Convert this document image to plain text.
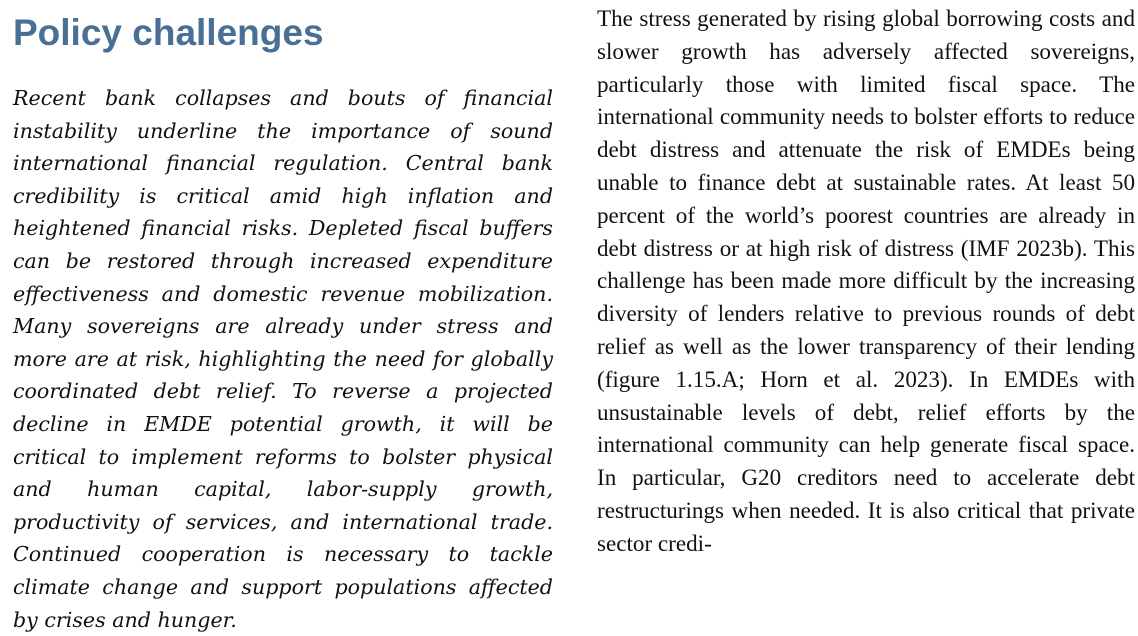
Policy challenges

Recent bank collapses and bouts of financial instability underline the importance of sound international financial regulation. Central bank credibility is critical amid high inflation and heightened financial risks. Depleted fiscal buffers can be restored through increased expenditure effectiveness and domestic revenue mobilization. Many sovereigns are already under stress and more are at risk, highlighting the need for globally coordinated debt relief. To reverse a projected decline in EMDE potential growth, it will be critical to implement reforms to bolster physical and human capital, labor-supply growth, productivity of services, and international trade. Continued cooperation is necessary to tackle climate change and support populations affected by crises and hunger.

The stress generated by rising global borrowing costs and slower growth has adversely affected sovereigns, particularly those with limited fiscal space. The international community needs to bolster efforts to reduce debt distress and attenuate the risk of EMDEs being unable to finance debt at sustainable rates. At least 50 percent of the world’s poorest countries are already in debt distress or at high risk of distress (IMF 2023b). This challenge has been made more difficult by the increasing diversity of lenders relative to previous rounds of debt relief as well as the lower transparency of their lending (figure 1.15.A; Horn et al. 2023). In EMDEs with unsustainable levels of debt, relief efforts by the international community can help generate fiscal space. In particular, G20 creditors need to accelerate debt restructurings when needed. It is also critical that private sector credi-
